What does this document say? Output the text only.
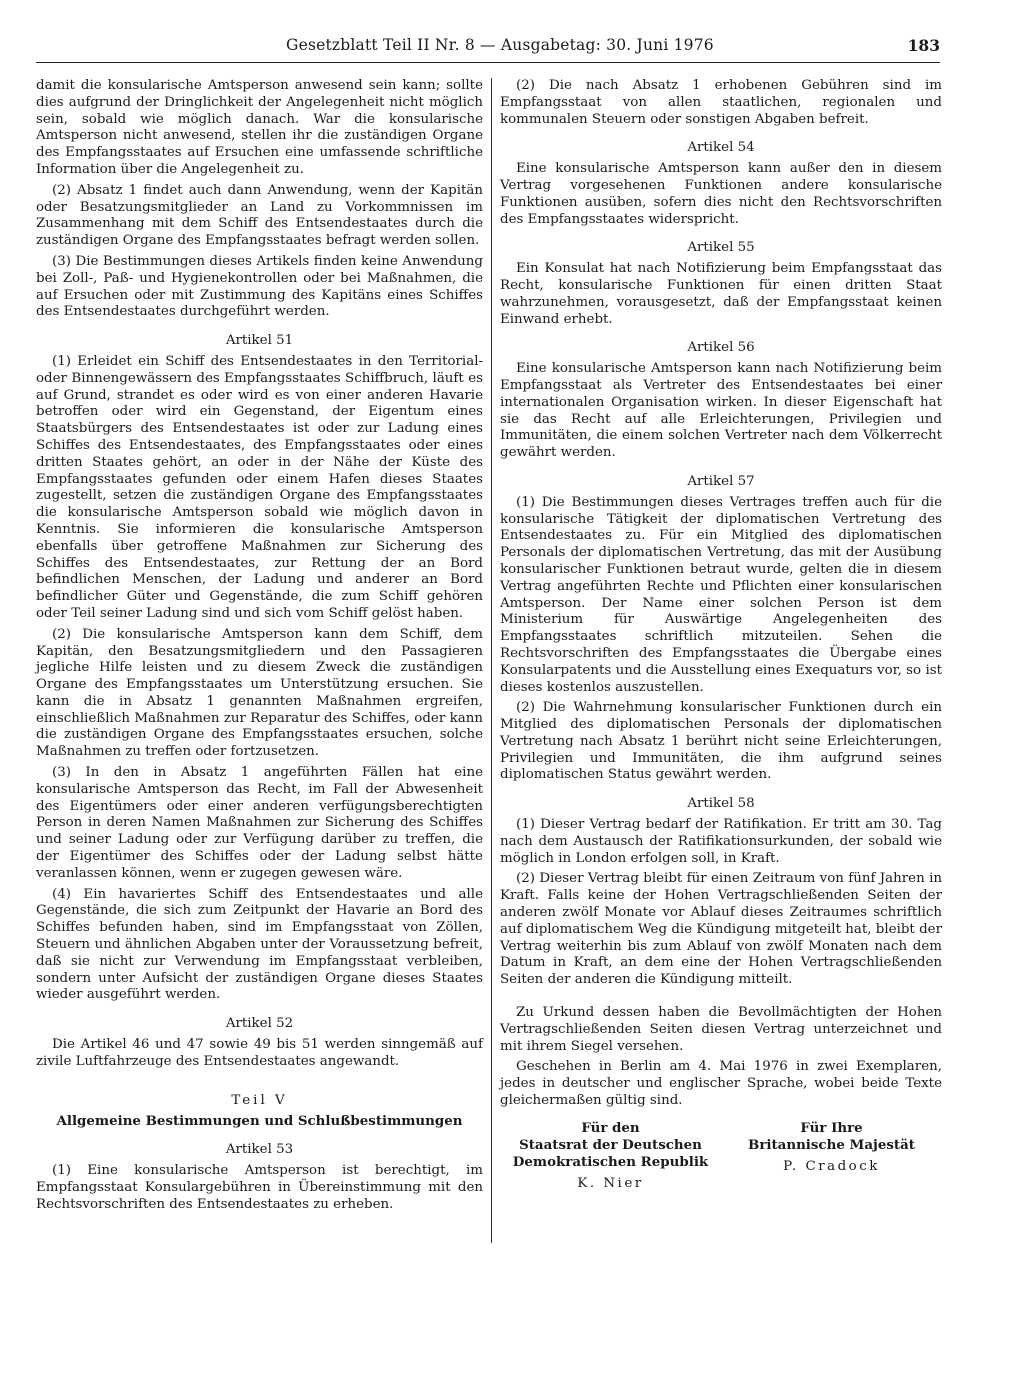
Gesetzblatt Teil II Nr. 8 — Ausgabetag: 30. Juni 1976	183

damit die konsularische Amtsperson anwesend sein kann; sollte dies aufgrund der Dringlichkeit der Angelegenheit nicht möglich sein, sobald wie möglich danach. War die konsularische Amtsperson nicht anwesend, stellen ihr die zuständigen Organe des Empfangsstaates auf Ersuchen eine umfassende schriftliche Information über die Angelegenheit zu.

(2) Absatz 1 findet auch dann Anwendung, wenn der Kapitän oder Besatzungsmitglieder an Land zu Vorkommnissen im Zusammenhang mit dem Schiff des Entsendestaates durch die zuständigen Organe des Empfangsstaates befragt werden sollen.

(3) Die Bestimmungen dieses Artikels finden keine Anwendung bei Zoll-, Paß- und Hygienekontrollen oder bei Maßnahmen, die auf Ersuchen oder mit Zustimmung des Kapitäns eines Schiffes des Entsendestaates durchgeführt werden.

Artikel 51

(1) Erleidet ein Schiff des Entsendestaates in den Territorial- oder Binnengewässern des Empfangsstaates Schiffbruch, läuft es auf Grund, strandet es oder wird es von einer anderen Havarie betroffen oder wird ein Gegenstand, der Eigentum eines Staatsbürgers des Entsendestaates ist oder zur Ladung eines Schiffes des Entsendestaates, des Empfangsstaates oder eines dritten Staates gehört, an oder in der Nähe der Küste des Empfangsstaates gefunden oder einem Hafen dieses Staates zugestellt, setzen die zuständigen Organe des Empfangsstaates die konsularische Amtsperson sobald wie möglich davon in Kenntnis. Sie informieren die konsularische Amtsperson ebenfalls über getroffene Maßnahmen zur Sicherung des Schiffes des Entsendestaates, zur Rettung der an Bord befindlichen Menschen, der Ladung und anderer an Bord befindlicher Güter und Gegenstände, die zum Schiff gehören oder Teil seiner Ladung sind und sich vom Schiff gelöst haben.

(2) Die konsularische Amtsperson kann dem Schiff, dem Kapitän, den Besatzungsmitgliedern und den Passagieren jegliche Hilfe leisten und zu diesem Zweck die zuständigen Organe des Empfangsstaates um Unterstützung ersuchen. Sie kann die in Absatz 1 genannten Maßnahmen ergreifen, einschließlich Maßnahmen zur Reparatur des Schiffes, oder kann die zuständigen Organe des Empfangsstaates ersuchen, solche Maßnahmen zu treffen oder fortzusetzen.

(3) In den in Absatz 1 angeführten Fällen hat eine konsularische Amtsperson das Recht, im Fall der Abwesenheit des Eigentümers oder einer anderen verfügungsberechtigten Person in deren Namen Maßnahmen zur Sicherung des Schiffes und seiner Ladung oder zur Verfügung darüber zu treffen, die der Eigentümer des Schiffes oder der Ladung selbst hätte veranlassen können, wenn er zugegen gewesen wäre.

(4) Ein havariertes Schiff des Entsendestaates und alle Gegenstände, die sich zum Zeitpunkt der Havarie an Bord des Schiffes befunden haben, sind im Empfangsstaat von Zöllen, Steuern und ähnlichen Abgaben unter der Voraussetzung befreit, daß sie nicht zur Verwendung im Empfangsstaat verbleiben, sondern unter Aufsicht der zuständigen Organe dieses Staates wieder ausgeführt werden.

Artikel 52

Die Artikel 46 und 47 sowie 49 bis 51 werden sinngemäß auf zivile Luftfahrzeuge des Entsendestaates angewandt.

Teil V
Allgemeine Bestimmungen und Schlußbestimmungen
Artikel 53

(1) Eine konsularische Amtsperson ist berechtigt, im Empfangsstaat Konsulargebühren in Übereinstimmung mit den Rechtsvorschriften des Entsendestaates zu erheben.

(2) Die nach Absatz 1 erhobenen Gebühren sind im Empfangsstaat von allen staatlichen, regionalen und kommunalen Steuern oder sonstigen Abgaben befreit.

Artikel 54

Eine konsularische Amtsperson kann außer den in diesem Vertrag vorgesehenen Funktionen andere konsularische Funktionen ausüben, sofern dies nicht den Rechtsvorschriften des Empfangsstaates widerspricht.

Artikel 55

Ein Konsulat hat nach Notifizierung beim Empfangsstaat das Recht, konsularische Funktionen für einen dritten Staat wahrzunehmen, vorausgesetzt, daß der Empfangsstaat keinen Einwand erhebt.

Artikel 56

Eine konsularische Amtsperson kann nach Notifizierung beim Empfangsstaat als Vertreter des Entsendestaates bei einer internationalen Organisation wirken. In dieser Eigenschaft hat sie das Recht auf alle Erleichterungen, Privilegien und Immunitäten, die einem solchen Vertreter nach dem Völkerrecht gewährt werden.

Artikel 57

(1) Die Bestimmungen dieses Vertrages treffen auch für die konsularische Tätigkeit der diplomatischen Vertretung des Entsendestaates zu. Für ein Mitglied des diplomatischen Personals der diplomatischen Vertretung, das mit der Ausübung konsularischer Funktionen betraut wurde, gelten die in diesem Vertrag angeführten Rechte und Pflichten einer konsularischen Amtsperson. Der Name einer solchen Person ist dem Ministerium für Auswärtige Angelegenheiten des Empfangsstaates schriftlich mitzuteilen. Sehen die Rechtsvorschriften des Empfangsstaates die Übergabe eines Konsularpatents und die Ausstellung eines Exequaturs vor, so ist dieses kostenlos auszustellen.

(2) Die Wahrnehmung konsularischer Funktionen durch ein Mitglied des diplomatischen Personals der diplomatischen Vertretung nach Absatz 1 berührt nicht seine Erleichterungen, Privilegien und Immunitäten, die ihm aufgrund seines diplomatischen Status gewährt werden.

Artikel 58

(1) Dieser Vertrag bedarf der Ratifikation. Er tritt am 30. Tag nach dem Austausch der Ratifikationsurkunden, der sobald wie möglich in London erfolgen soll, in Kraft.

(2) Dieser Vertrag bleibt für einen Zeitraum von fünf Jahren in Kraft. Falls keine der Hohen Vertragschließenden Seiten der anderen zwölf Monate vor Ablauf dieses Zeitraumes schriftlich auf diplomatischem Weg die Kündigung mitgeteilt hat, bleibt der Vertrag weiterhin bis zum Ablauf von zwölf Monaten nach dem Datum in Kraft, an dem eine der Hohen Vertragschließenden Seiten der anderen die Kündigung mitteilt.

Zu Urkund dessen haben die Bevollmächtigten der Hohen Vertragschließenden Seiten diesen Vertrag unterzeichnet und mit ihrem Siegel versehen.

Geschehen in Berlin am 4. Mai 1976 in zwei Exemplaren, jedes in deutscher und englischer Sprache, wobei beide Texte gleichermaßen gültig sind.

Für den
Staatsrat der Deutschen
Demokratischen Republik
K. Nier
Für Ihre
Britannische Majestät
P. Cradock
